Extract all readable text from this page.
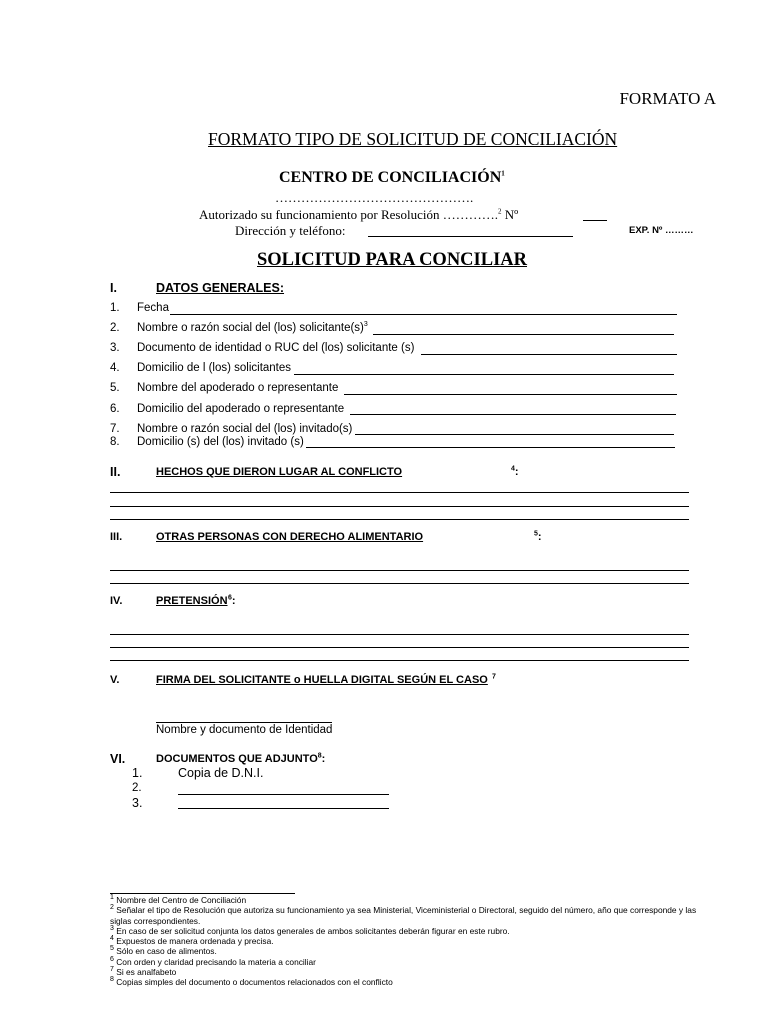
FORMATO A
FORMATO TIPO DE SOLICITUD DE CONCILIACIÓN
CENTRO DE CONCILIACIÓN$^1$
……………………………………….
Autorizado su funcionamiento por Resolución ………….$^2$ Nº
Dirección y teléfono:	EXP. Nº ………
SOLICITUD PARA CONCILIAR
I.	DATOS GENERALES:
1.	Fecha
2.	Nombre o razón social del (los) $solicitante(s)^3$
3.	Documento de identidad o RUC del (los) solicitante (s)
4.	Domicilio de l (los) solicitantes
5.	Nombre del apoderado o representante
6.	Domicilio del apoderado o representante
7.	Nombre o razón social del (los) invitado(s)
8.	Domicilio (s) del (los) invitado (s)
II.	HECHOS QUE DIERON LUGAR AL CONFLICTO	$^4$:
III.	OTRAS PERSONAS CON DERECHO ALIMENTARIO	$^5$:
IV.	PRETENSIÓN $^6$:
V.	FIRMA DEL SOLICITANTE o HUELLA DIGITAL SEGÚN EL CASO $^7$
Nombre y documento de Identidad
VI.	DOCUMENTOS QUE ADJUNTO$^8$:
1.	Copia de D.N.I.
2.
3.
$^1$ Nombre del Centro de Conciliación
$^2$ Señalar el tipo de Resolución que autoriza su funcionamiento ya sea Ministerial, Viceministerial o Directoral, seguido del número, año que corresponde y las siglas correspondientes.
$^3$ En caso de ser solicitud conjunta los datos generales de ambos solicitantes deberán figurar en este rubro.
$^4$ Expuestos de manera ordenada y precisa.
$^5$ Sólo en caso de alimentos.
$^6$ Con orden y claridad precisando la materia a conciliar
$^7$ Si es analfabeto
$^8$ Copias simples del documento o documentos relacionados con el conflicto
